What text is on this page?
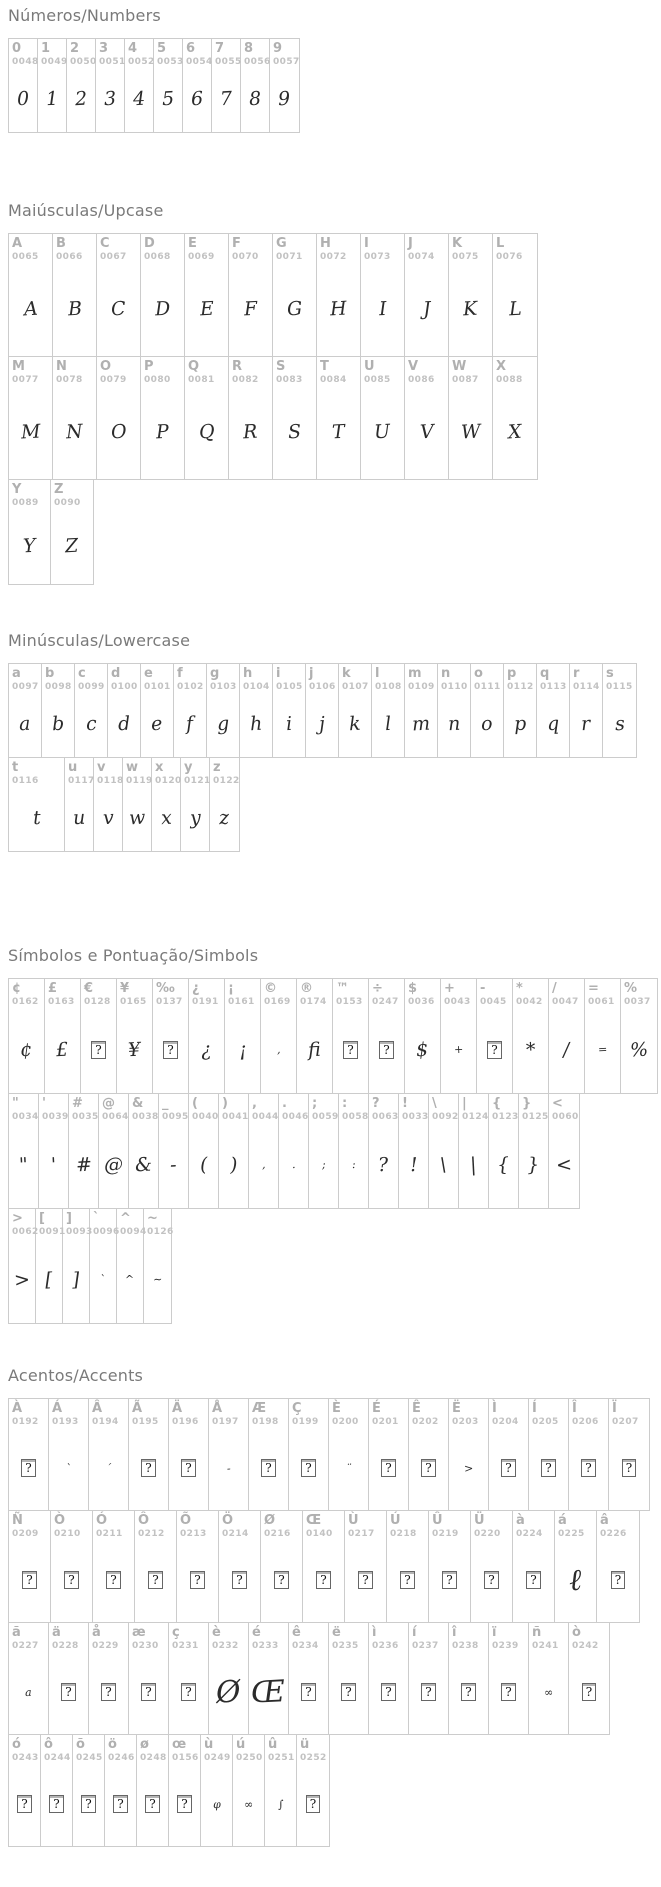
Números/Numbers
0
0048
0
1
0049
1
2
0050
2
3
0051
3
4
0052
4
5
0053
5
6
0054
6
7
0055
7
8
0056
8
9
0057
9
Maiúsculas/Upcase
A
0065
A
B
0066
B
C
0067
C
D
0068
D
E
0069
E
F
0070
F
G
0071
G
H
0072
H
I
0073
I
J
0074
J
K
0075
K
L
0076
L
M
0077
M
N
0078
N
O
0079
O
P
0080
P
Q
0081
Q
R
0082
R
S
0083
S
T
0084
T
U
0085
U
V
0086
V
W
0087
W
X
0088
X
Y
0089
Y
Z
0090
Z
Minúsculas/Lowercase
a
0097
a
b
0098
b
c
0099
c
d
0100
d
e
0101
e
f
0102
f
g
0103
g
h
0104
h
i
0105
i
j
0106
j
k
0107
k
l
0108
l
m
0109
m
n
0110
n
o
0111
o
p
0112
p
q
0113
q
r
0114
r
s
0115
s
t
0116
t
u
0117
u
v
0118
v
w
0119
w
x
0120
x
y
0121
y
z
0122
z
Símbolos e Pontuação/Simbols
¢
0162
¢
£
0163
£
€
0128
?
¥
0165
¥
‰
0137
?
¿
0191
¿
¡
0161
¡
©
0169
,
®
0174
fi
™
0153
?
÷
0247
?
$
0036
$
+
0043
+
-
0045
?
*
0042
*
/
0047
/
=
0061
=
%
0037
%
"
0034
"
'
0039
'
#
0035
#
@
0064
@
&
0038
&
_
0095
-
(
0040
(
)
0041
)
,
0044
,
.
0046
.
;
0059
;
:
0058
:
?
0063
?
!
0033
!
\
0092
\
|
0124
|
{
0123
{
}
0125
}
<
0060
<
>
0062
>
[
0091
[
]
0093
]
`
0096
`
^
0094
^
~
0126
~
Acentos/Accents
À
0192
?
Á
0193
`
Â
0194
´
Ã
0195
?
Ä
0196
?
Å
0197
-
Æ
0198
?
Ç
0199
?
È
0200
¨
É
0201
?
Ê
0202
?
Ë
0203
>
Ì
0204
?
Í
0205
?
Î
0206
?
Ï
0207
?
Ñ
0209
?
Ò
0210
?
Ó
0211
?
Ô
0212
?
Õ
0213
?
Ö
0214
?
Ø
0216
?
Œ
0140
?
Ù
0217
?
Ú
0218
?
Û
0219
?
Ü
0220
?
à
0224
?
á
0225
ℓ
â
0226
?
ã
0227
a
ä
0228
?
å
0229
?
æ
0230
?
ç
0231
?
è
0232
Ø
é
0233
Œ
ê
0234
?
ë
0235
?
ì
0236
?
í
0237
?
î
0238
?
ï
0239
?
ñ
0241
∞
ò
0242
?
ó
0243
?
ô
0244
?
õ
0245
?
ö
0246
?
ø
0248
?
œ
0156
?
ù
0249
φ
ú
0250
∞
û
0251
∫
ü
0252
?
